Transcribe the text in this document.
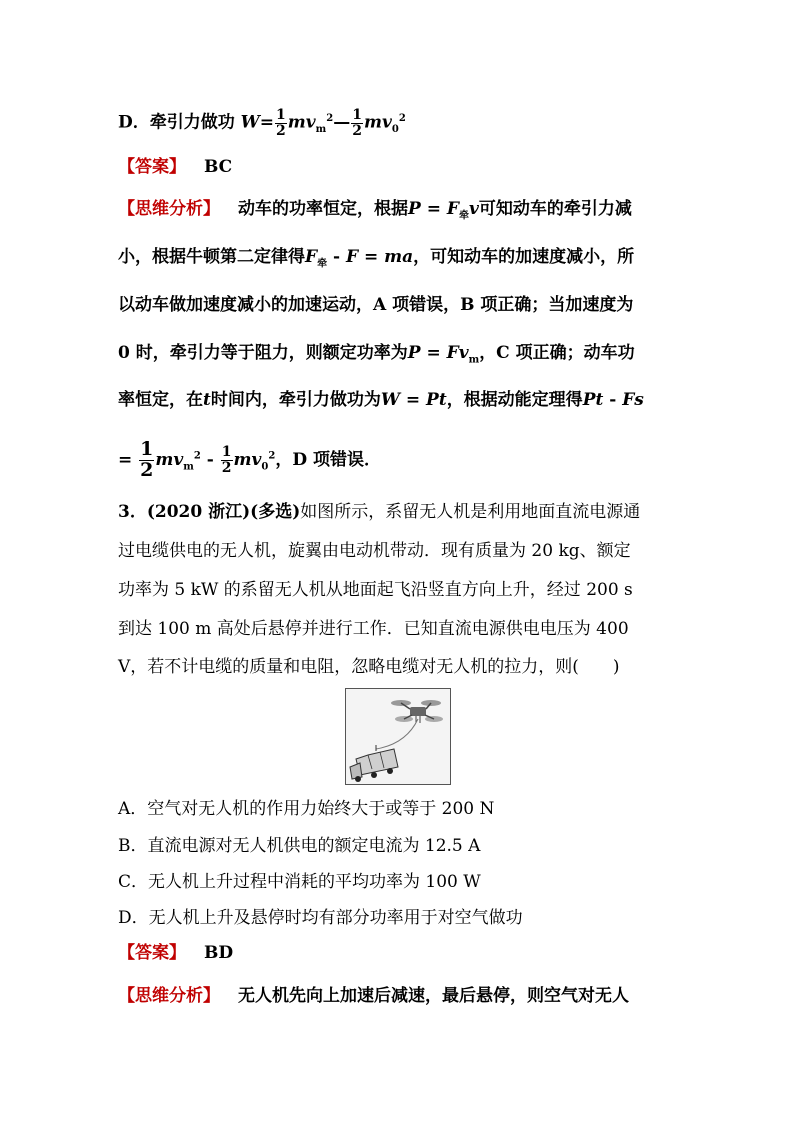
D．牵引力做功 $W= \frac{1}{2}$ $mv_m^2— \frac{1}{2} mv_0^2$
【答案】 BC
【思维分析】 动车的功率恒定，根据$P = F_牵v$可知动车的牵引力减
小，根据牛顿第二定律得$F_牵$ - F = ma，可知动车的加速度减小，所
以动车做加速度减小的加速运动，A 项错误，B 项正确；当加速度为
0 时，牵引力等于阻力，则额定功率为$P = Fv_m$，C 项正确；动车功
率恒定，在t时间内，牵引力做功为W = Pt，根据动能定理得Pt - Fs
= $\frac{1}{2} mv_m^2 - \frac{1}{2} mv_0^2$，D 项错误．
3．(2020 浙江)(多选)如图所示，系留无人机是利用地面直流电源通
过电缆供电的无人机，旋翼由电动机带动．现有质量为 20 kg、额定
功率为 5 kW 的系留无人机从地面起飞沿竖直方向上升，经过 200 s
到达 100 m 高处后悬停并进行工作．已知直流电源供电电压为 400
V，若不计电缆的质量和电阻，忽略电缆对无人机的拉力，则(　　)
A．空气对无人机的作用力始终大于或等于 200 N
B．直流电源对无人机供电的额定电流为 12.5 A
C．无人机上升过程中消耗的平均功率为 100 W
D．无人机上升及悬停时均有部分功率用于对空气做功
【答案】 BD
【思维分析】 无人机先向上加速后减速，最后悬停，则空气对无人
